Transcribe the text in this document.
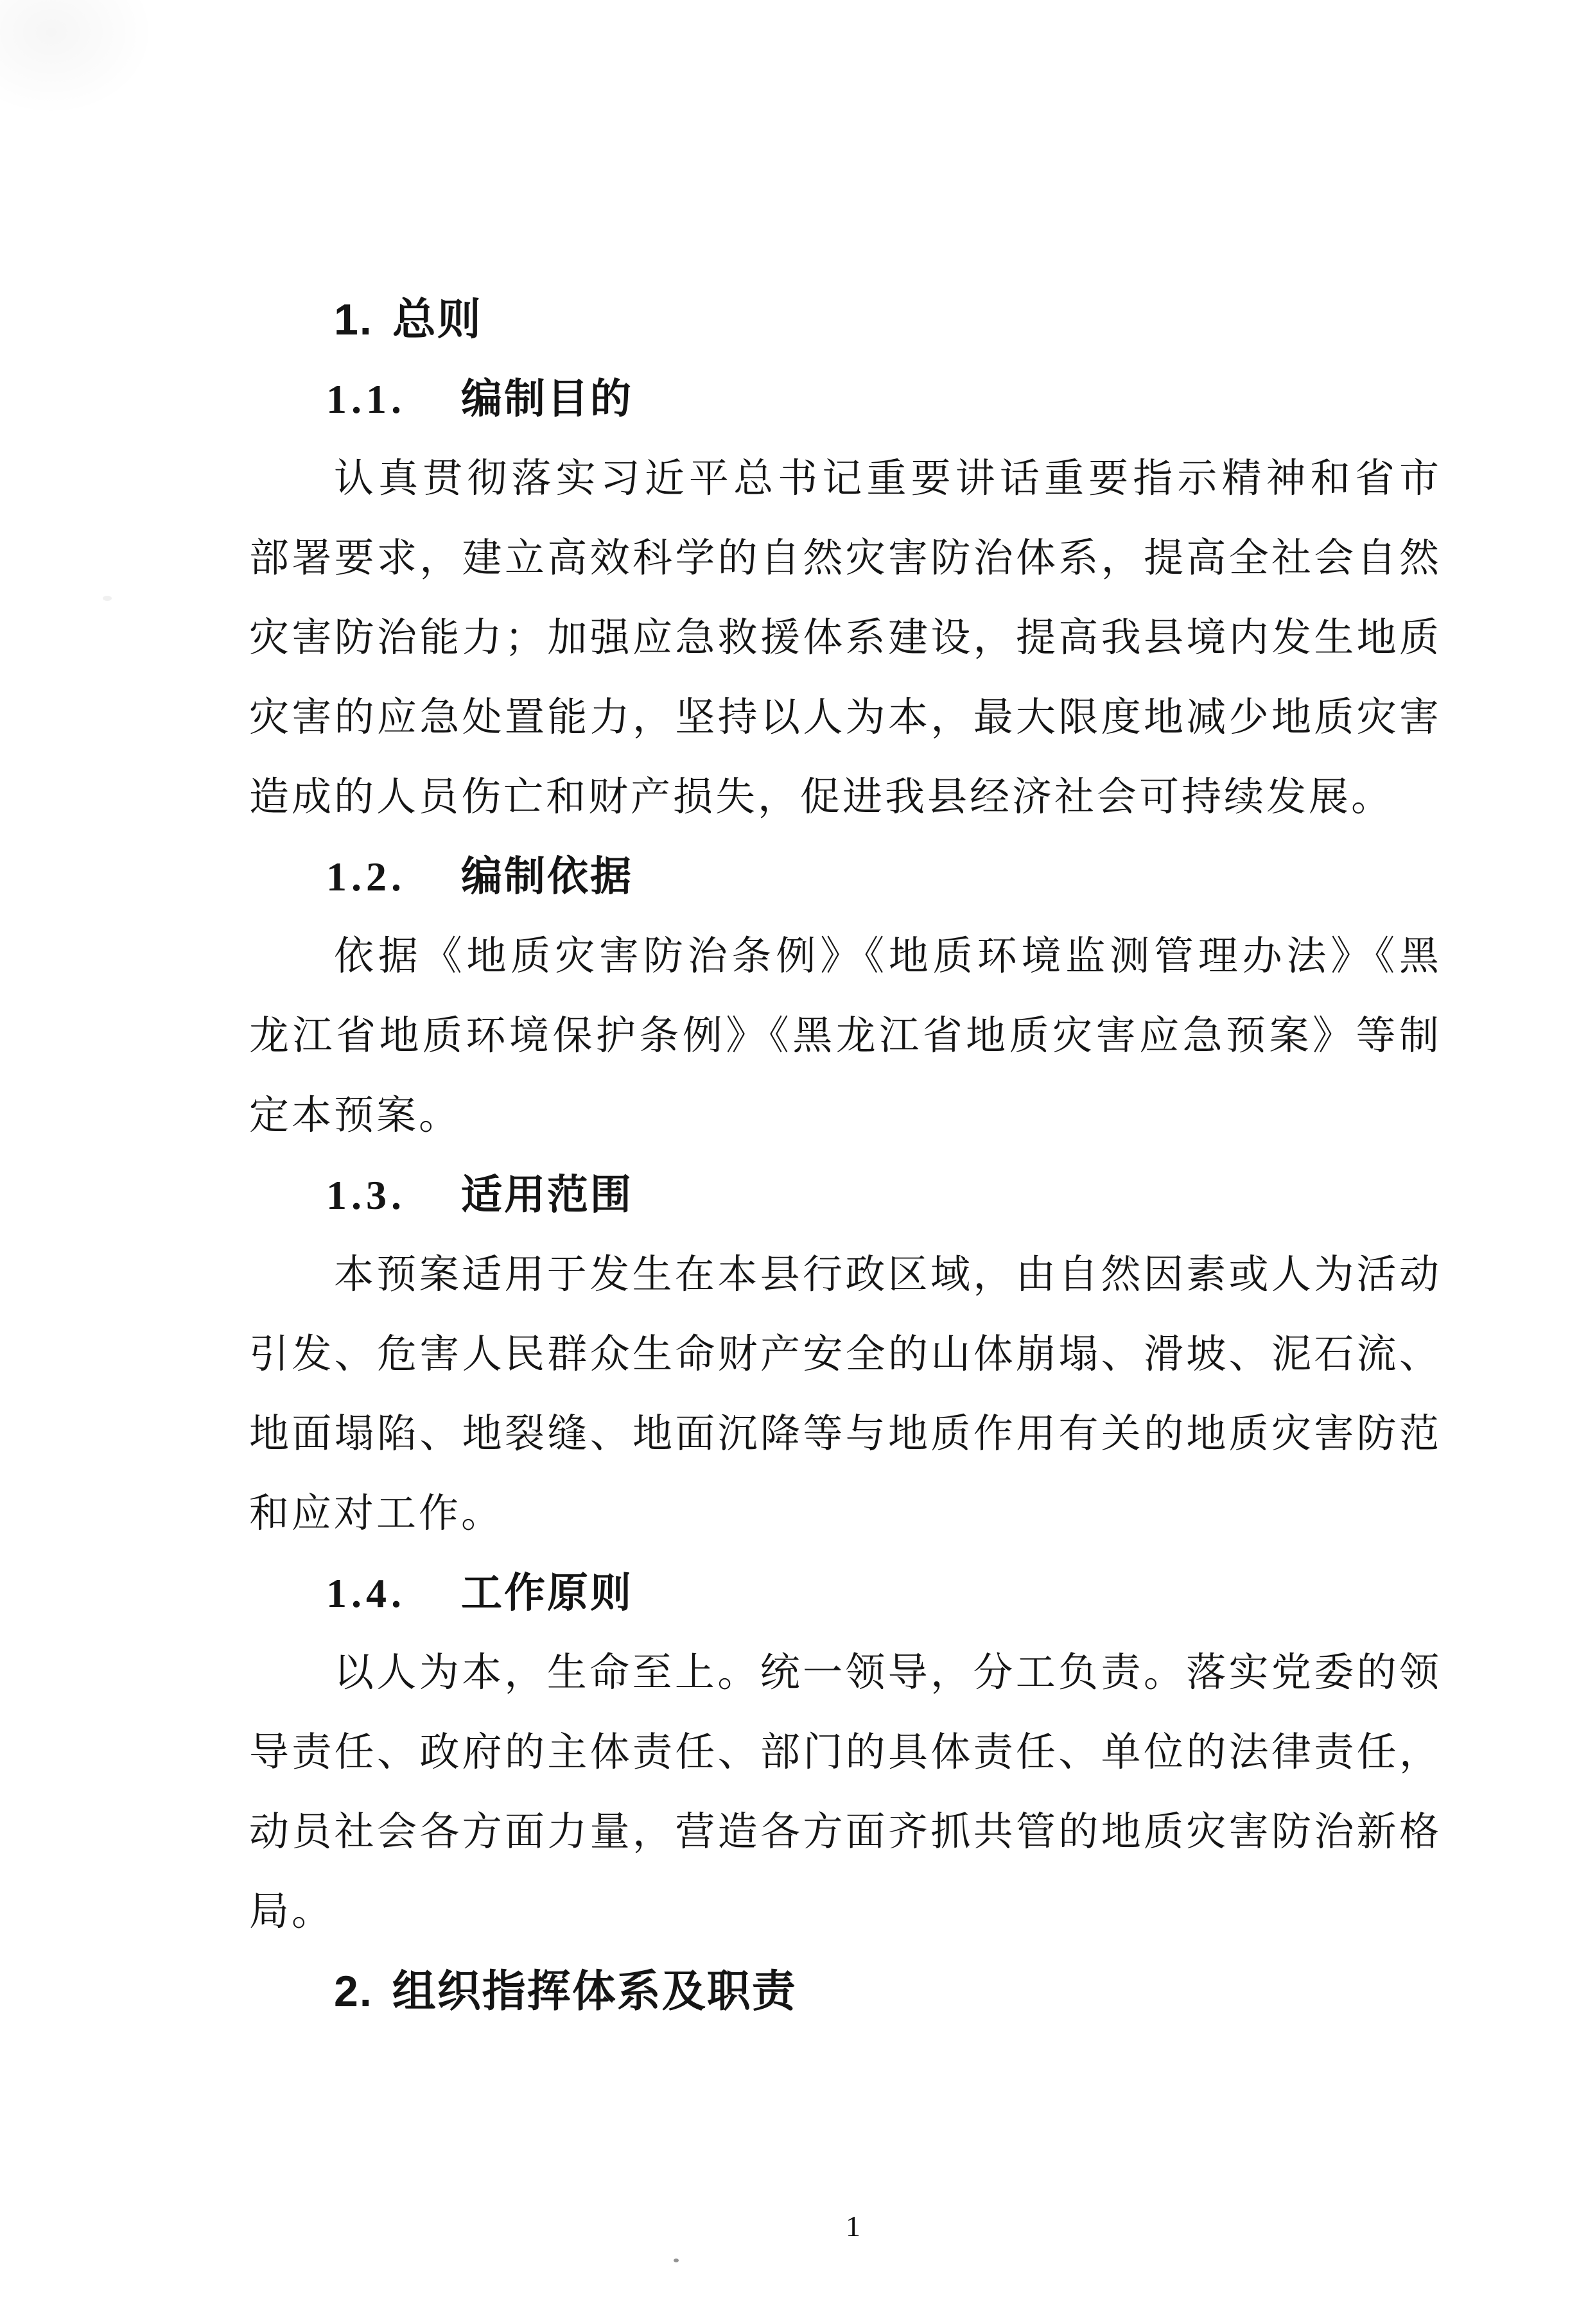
1. 总则
1.1. 编制目的
认真贯彻落实习近平总书记重要讲话重要指示精神和省市
部署要求，建立高效科学的自然灾害防治体系，提高全社会自然
灾害防治能力；加强应急救援体系建设，提高我县境内发生地质
灾害的应急处置能力，坚持以人为本，最大限度地减少地质灾害
造成的人员伤亡和财产损失，促进我县经济社会可持续发展。
1.2. 编制依据
依据《地质灾害防治条例》《地质环境监测管理办法》《黑
龙江省地质环境保护条例》《黑龙江省地质灾害应急预案》等制
定本预案。
1.3. 适用范围
本预案适用于发生在本县行政区域，由自然因素或人为活动
引发、危害人民群众生命财产安全的山体崩塌、滑坡、泥石流、
地面塌陷、地裂缝、地面沉降等与地质作用有关的地质灾害防范
和应对工作。
1.4. 工作原则
以人为本，生命至上。统一领导，分工负责。落实党委的领
导责任、政府的主体责任、部门的具体责任、单位的法律责任，
动员社会各方面力量，营造各方面齐抓共管的地质灾害防治新格
局。
2. 组织指挥体系及职责
1
